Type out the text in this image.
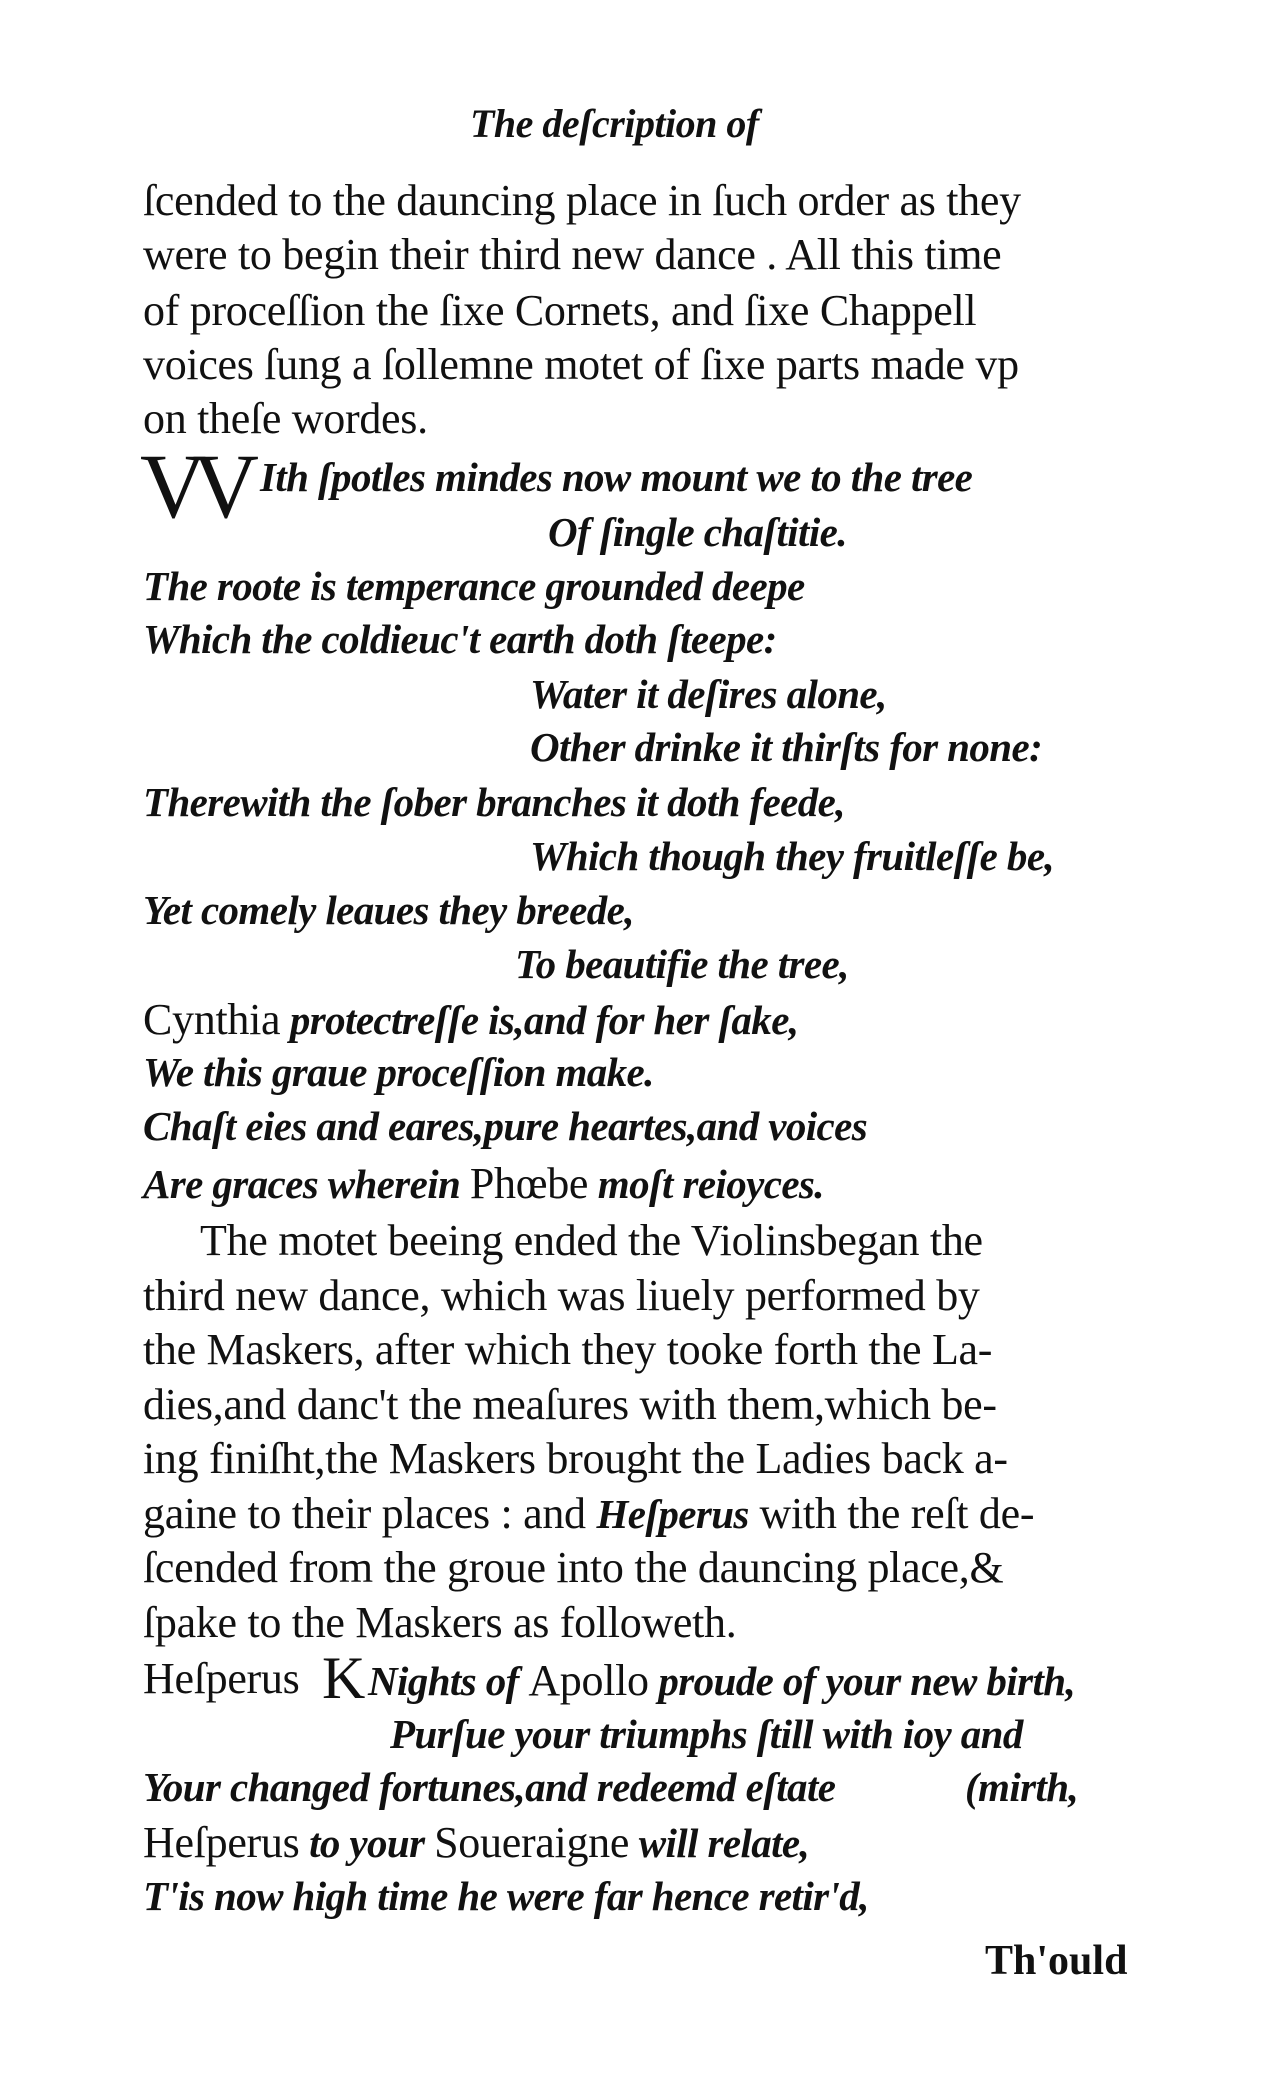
The deſcription of
ſcended to the dauncing place in ſuch order as they
were to begin their third new dance . All this time
of proceſſion the ſixe Cornets, and ſixe Chappell
voices ſung a ſollemne motet of ſixe parts made vp
on theſe wordes.
VV Ith ſpotles mindes now mount we to the tree
Of ſingle chaſtitie.
The roote is temperance grounded deepe
Which the coldieuc't earth doth ſteepe:
Water it deſires alone,
Other drinke it thirſts for none:
Therewith the ſober branches it doth feede,
Which though they fruitleſſe be,
Yet comely leaues they breede,
To beautifie the tree,
Cynthia protectreſſe is,and for her ſake,
We this graue proceſſion make.
Chaſt eies and eares,pure heartes,and voices
Are graces wherein Phœbe moſt reioyces.
The motet beeing ended the Violinsbegan the
third new dance, which was liuely performed by
the Maskers, after which they tooke forth the La-
dies,and danc't the meaſures with them,which be-
ing finiſht,the Maskers brought the Ladies back a-
gaine to their places : and Heſperus with the reſt de-
ſcended from the groue into the dauncing place,&
ſpake to the Maskers as followeth.
Heſperus K Nights of Apollo proude of your new birth,
Purſue your triumphs ſtill with ioy and
Your changed fortunes,and redeemd eſtate	(mirth,
Heſperus to your Soueraigne will relate,
T'is now high time he were far hence retir'd,
Th'ould
